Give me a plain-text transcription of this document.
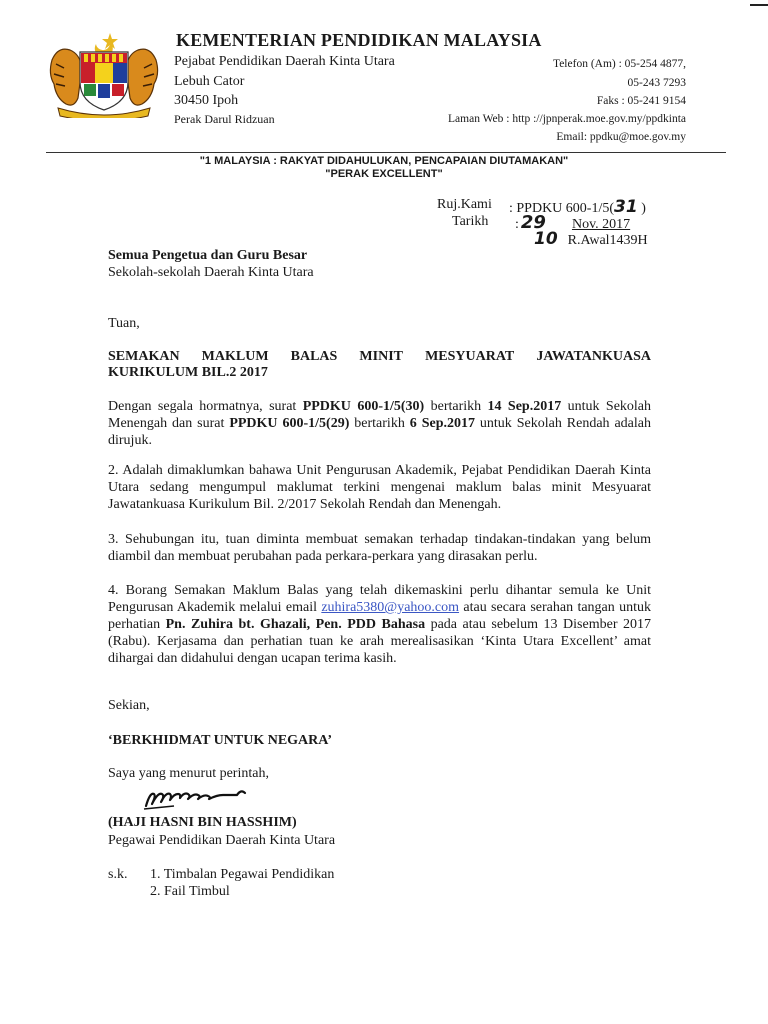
KEMENTERIAN PENDIDIKAN MALAYSIA
Pejabat Pendidikan Daerah Kinta Utara
Lebuh Cator
30450 Ipoh
Perak Darul Ridzuan
Telefon (Am) : 05-254 4877,
05-243 7293
Faks : 05-241 9154
Laman Web : http ://jpnperak.moe.gov.my/ppdkinta
Email: ppdku@moe.gov.my
"1 MALAYSIA : RAKYAT DIDAHULUKAN, PENCAPAIAN DIUTAMAKAN"
"PERAK EXCELLENT"
Ruj.Kami : PPDKU 600-1/5(31 )
Tarikh : 29 Nov. 2017
10 R.Awal1439H
Semua Pengetua dan Guru Besar
Sekolah-sekolah Daerah Kinta Utara
Tuan,
SEMAKAN MAKLUM BALAS MINIT MESYUARAT JAWATANKUASA
KURIKULUM BIL.2 2017
Dengan segala hormatnya, surat PPDKU 600-1/5(30) bertarikh 14 Sep.2017 untuk Sekolah Menengah dan surat PPDKU 600-1/5(29) bertarikh 6 Sep.2017 untuk Sekolah Rendah adalah dirujuk.
2. Adalah dimaklumkan bahawa Unit Pengurusan Akademik, Pejabat Pendidikan Daerah Kinta Utara sedang mengumpul maklumat terkini mengenai maklum balas minit Mesyuarat Jawatankuasa Kurikulum Bil. 2/2017 Sekolah Rendah dan Menengah.
3. Sehubungan itu, tuan diminta membuat semakan terhadap tindakan-tindakan yang belum diambil dan membuat perubahan pada perkara-perkara yang dirasakan perlu.
4. Borang Semakan Maklum Balas yang telah dikemaskini perlu dihantar semula ke Unit Pengurusan Akademik melalui email zuhira5380@yahoo.com atau secara serahan tangan untuk perhatian Pn. Zuhira bt. Ghazali, Pen. PDD Bahasa pada atau sebelum 13 Disember 2017 (Rabu). Kerjasama dan perhatian tuan ke arah merealisasikan ‘Kinta Utara Excellent’ amat dihargai dan didahului dengan ucapan terima kasih.
Sekian,
‘BERKHIDMAT UNTUK NEGARA’
Saya yang menurut perintah,
(HAJI HASNI BIN HASSHIM)
Pegawai Pendidikan Daerah Kinta Utara
s.k. 1. Timbalan Pegawai Pendidikan
2. Fail Timbul
